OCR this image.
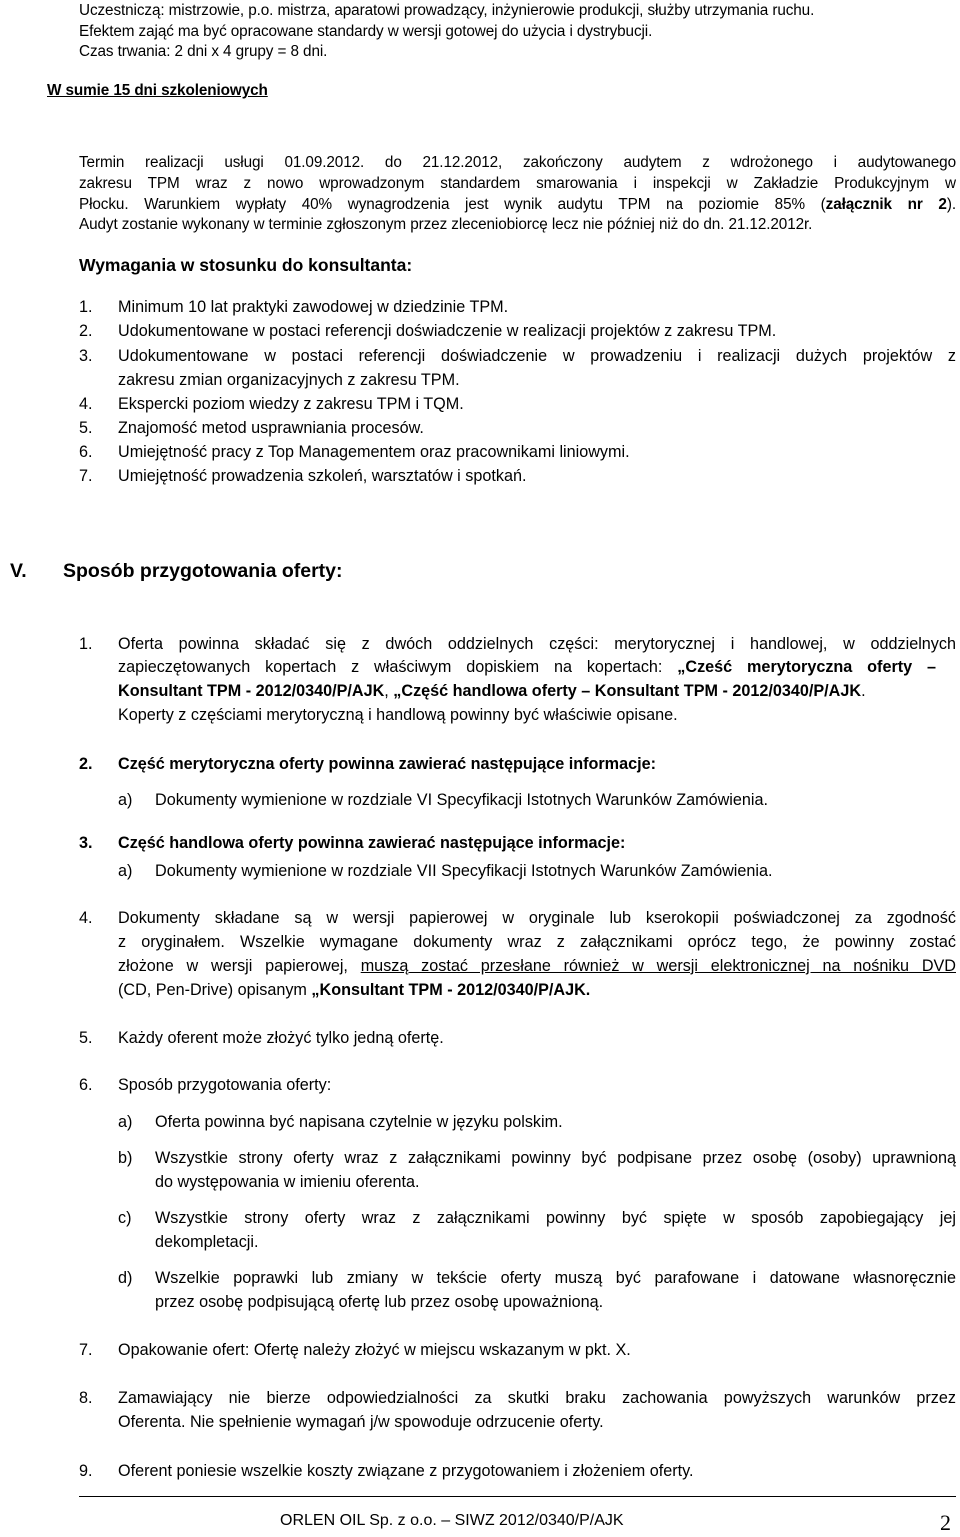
Uczestniczą: mistrzowie, p.o. mistrza, aparatowi prowadzący, inżynierowie produkcji, służby utrzymania ruchu.
Efektem zająć ma być opracowane standardy w wersji gotowej do użycia i dystrybucji.
Czas trwania: 2 dni x 4 grupy = 8 dni.
W sumie 15 dni szkoleniowych
Termin realizacji usługi 01.09.2012. do 21.12.2012, zakończony audytem z wdrożonego i audytowanego
zakresu TPM wraz z nowo wprowadzonym standardem smarowania i inspekcji w Zakładzie Produkcyjnym w
Płocku. Warunkiem wypłaty 40% wynagrodzenia jest wynik audytu TPM na poziomie 85% (załącznik nr 2).
Audyt zostanie wykonany w terminie zgłoszonym przez zleceniobiorcę lecz nie później niż do dn. 21.12.2012r.
Wymagania w stosunku do konsultanta:
1. Minimum 10 lat praktyki zawodowej w dziedzinie TPM.
2. Udokumentowane w postaci referencji doświadczenie w realizacji projektów z zakresu TPM.
3. Udokumentowane w postaci referencji doświadczenie w prowadzeniu i realizacji dużych projektów z
zakresu zmian organizacyjnych z zakresu TPM.
4. Ekspercki poziom wiedzy z zakresu TPM i TQM.
5. Znajomość metod usprawniania procesów.
6. Umiejętność pracy z Top Managementem oraz pracownikami liniowymi.
7. Umiejętność prowadzenia szkoleń, warsztatów i spotkań.
V. Sposób przygotowania oferty:
1. Oferta powinna składać się z dwóch oddzielnych części: merytorycznej i handlowej, w oddzielnych
zapieczętowanych kopertach z właściwym dopiskiem na kopertach: „Cześć merytoryczna oferty –
Konsultant TPM - 2012/0340/P/AJK, „Część handlowa oferty – Konsultant TPM - 2012/0340/P/AJK.
Koperty z częściami merytoryczną i handlową powinny być właściwie opisane.
2. Część merytoryczna oferty powinna zawierać następujące informacje:
a) Dokumenty wymienione w rozdziale VI Specyfikacji Istotnych Warunków Zamówienia.
3. Część handlowa oferty powinna zawierać następujące informacje:
a) Dokumenty wymienione w rozdziale VII Specyfikacji Istotnych Warunków Zamówienia.
4. Dokumenty składane są w wersji papierowej w oryginale lub kserokopii poświadczonej za zgodność
z oryginałem. Wszelkie wymagane dokumenty wraz z załącznikami oprócz tego, że powinny zostać
złożone w wersji papierowej, muszą zostać przesłane również w wersji elektronicznej na nośniku DVD
(CD, Pen-Drive) opisanym „Konsultant TPM - 2012/0340/P/AJK.
5. Każdy oferent może złożyć tylko jedną ofertę.
6. Sposób przygotowania oferty:
a) Oferta powinna być napisana czytelnie w języku polskim.
b) Wszystkie strony oferty wraz z załącznikami powinny być podpisane przez osobę (osoby) uprawnioną
do występowania w imieniu oferenta.
c) Wszystkie strony oferty wraz z załącznikami powinny być spięte w sposób zapobiegający jej
dekompletacji.
d) Wszelkie poprawki lub zmiany w tekście oferty muszą być parafowane i datowane własnoręcznie
przez osobę podpisującą ofertę lub przez osobę upoważnioną.
7. Opakowanie ofert: Ofertę należy złożyć w miejscu wskazanym w pkt. X.
8. Zamawiający nie bierze odpowiedzialności za skutki braku zachowania powyższych warunków przez
Oferenta. Nie spełnienie wymagań j/w spowoduje odrzucenie oferty.
9. Oferent poniesie wszelkie koszty związane z przygotowaniem i złożeniem oferty.
ORLEN OIL Sp. z o.o. – SIWZ 2012/0340/P/AJK	2
